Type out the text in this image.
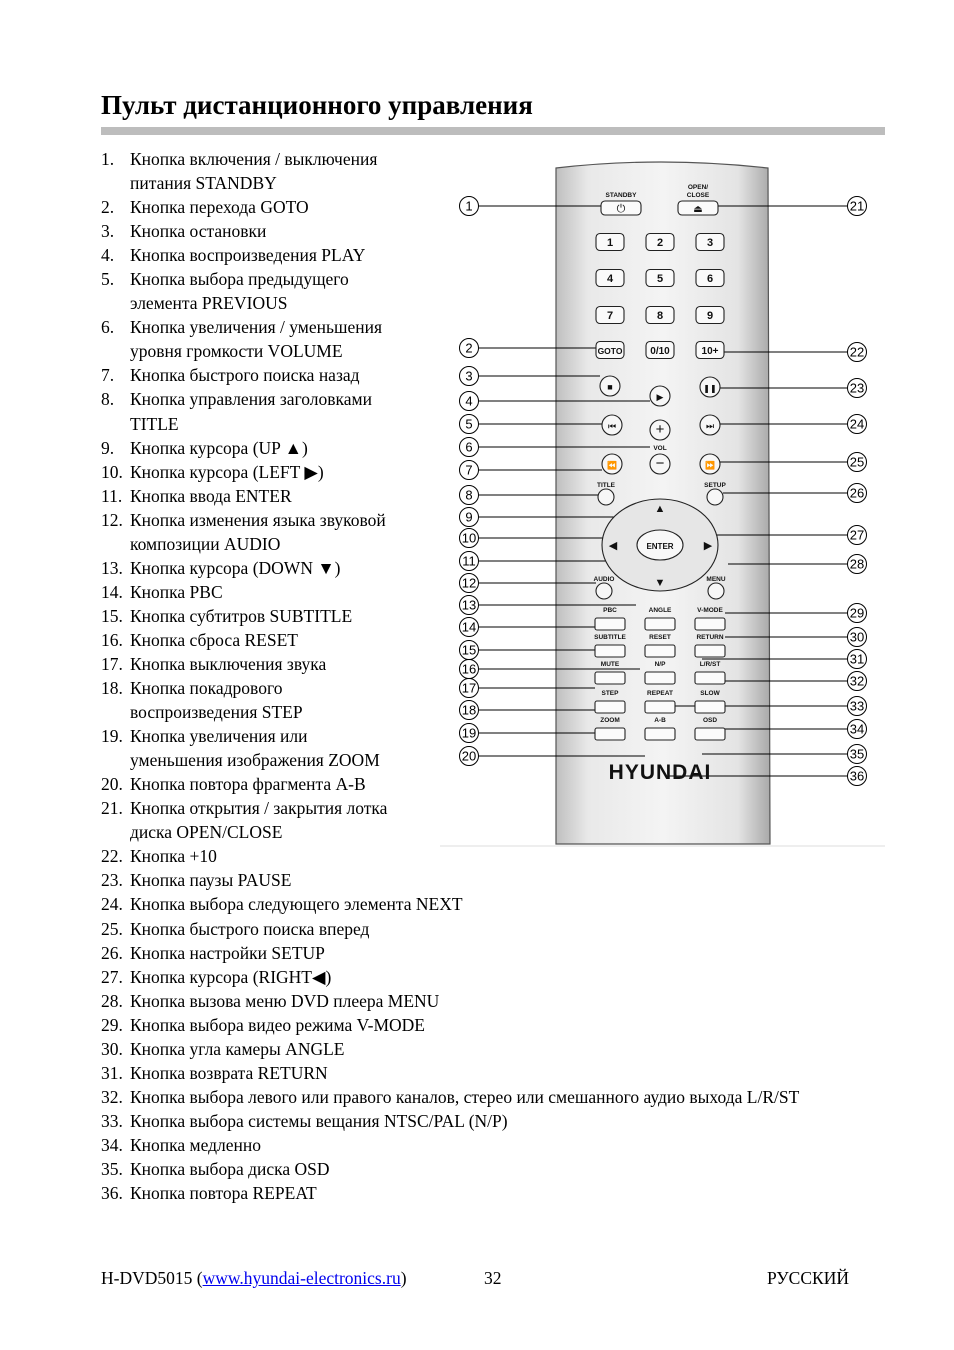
Пульт дистанционного управления
1. Кнопка включения / выключения
питания STANDBY
2. Кнопка перехода GOTO
3. Кнопка остановки
4. Кнопка воспроизведения PLAY
5. Кнопка выбора предыдущего
элемента PREVIOUS
6. Кнопка увеличения / уменьшения
уровня громкости VOLUME
7. Кнопка быстрого поиска назад
8. Кнопка управления заголовками
TITLE
9. Кнопка курсора (UP ▲)
10. Кнопка курсора (LEFT ▶)
11. Кнопка ввода ENTER
12. Кнопка изменения языка звуковой
композиции AUDIO
13. Кнопка курсора (DOWN ▼)
14. Кнопка PBC
15. Кнопка субтитров SUBTITLE
16. Кнопка сброса RESET
17. Кнопка выключения звука
18. Кнопка покадрового
воспроизведения STEP
19. Кнопка увеличения или
уменьшения изображения ZOOM
20. Кнопка повтора фрагмента A-B
21. Кнопка открытия / закрытия лотка
диска OPEN/CLOSE
22. Кнопка +10
23. Кнопка паузы PAUSE
24. Кнопка выбора следующего элемента NEXT
25. Кнопка быстрого поиска вперед
26. Кнопка настройки SETUP
27. Кнопка курсора (RIGHT◀)
28. Кнопка вызова меню DVD плеера MENU
29. Кнопка выбора видео режима V-MODE
30. Кнопка угла камеры ANGLE
31. Кнопка возврата RETURN
32. Кнопка выбора левого или правого каналов, стерео или смешанного аудио выхода L/R/ST
33. Кнопка выбора системы вещания NTSC/PAL (N/P)
34. Кнопка медленно
35. Кнопка выбора диска OSD
36. Кнопка повтора REPEAT
⏻
STANDBY
⏏
OPEN/
CLOSE
1	2	3
4	5	6
7	8	9
GOTO	0/10	10+
■
▶
❚❚
⏮	⏭
+
−
VOL
⏪	⏩
TITLE	SETUP
ENTER
▲
▼
◀	▶
AUDIO	MENU
PBC	ANGLE	V-MODE
SUBTITLE	RESET	RETURN
MUTE	N/P	L/R/ST
STEP	REPEAT	SLOW
ZOOM	A-B	OSD
HYUNDAI
1
2
3
4
5
6
7
8
9
10
11
12
13
14
15
16
17
18
19
20
21
22
23
24
25
26
27
28
29
30
31
32
33
34
35
36
H-DVD5015 (www.hyundai-electronics.ru)	32	РУССКИЙ
